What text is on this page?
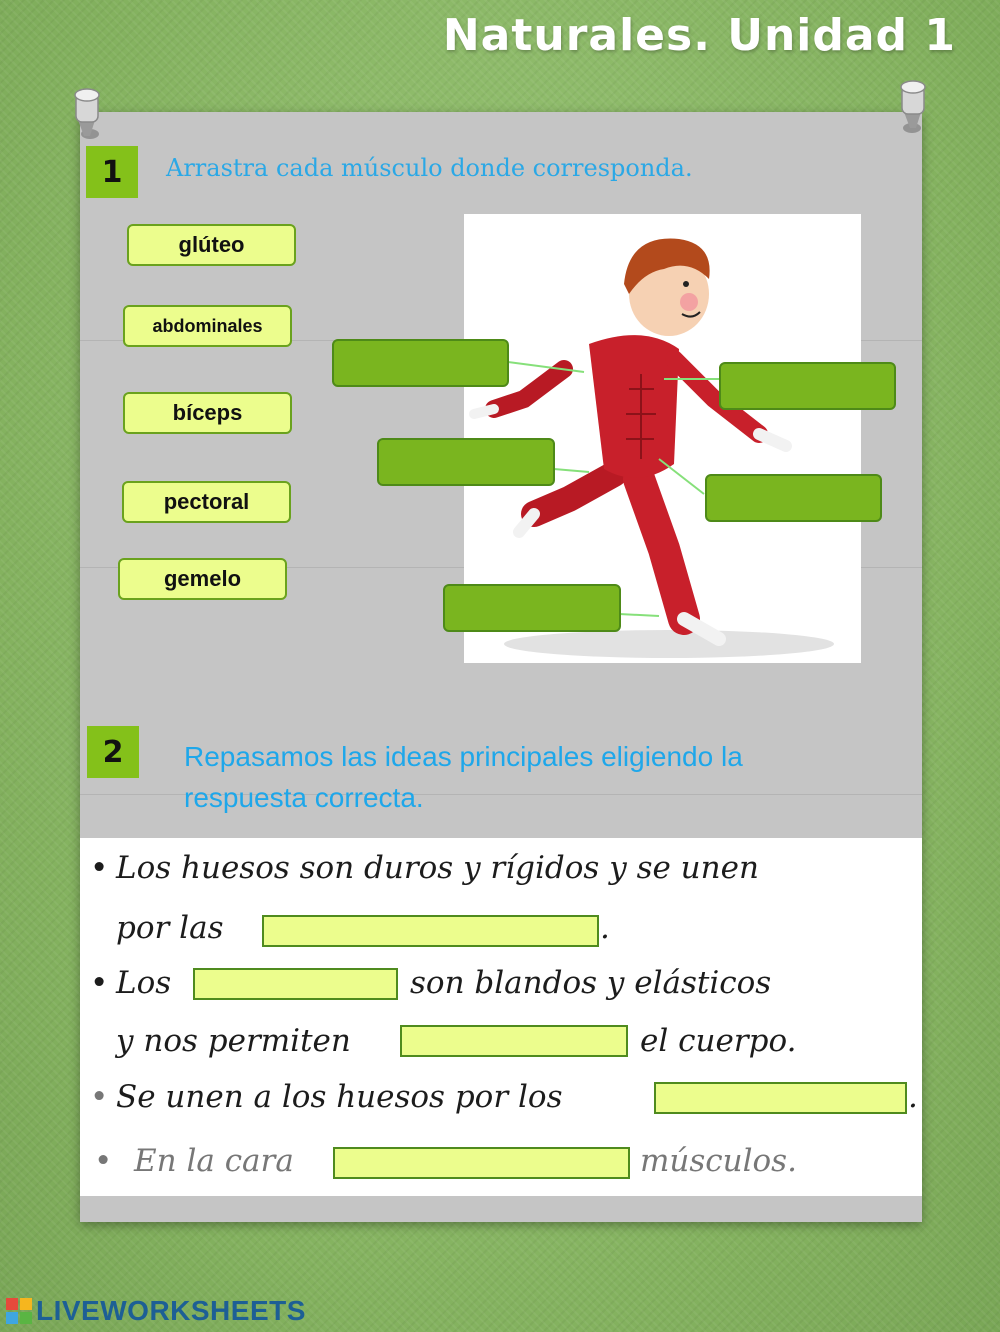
Naturales. Unidad 1
1	Arrastra cada músculo donde corresponda.
glúteo
abdominales
bíceps
pectoral
gemelo
2	Repasamos las ideas principales eligiendo la respuesta correcta.
• Los huesos son duros y rígidos y se unen
por las	.
• Los	son blandos y elásticos
y nos permiten	el cuerpo.
• Se unen a los huesos por los	.
• En la cara	músculos.
LIVEWORKSHEETS
